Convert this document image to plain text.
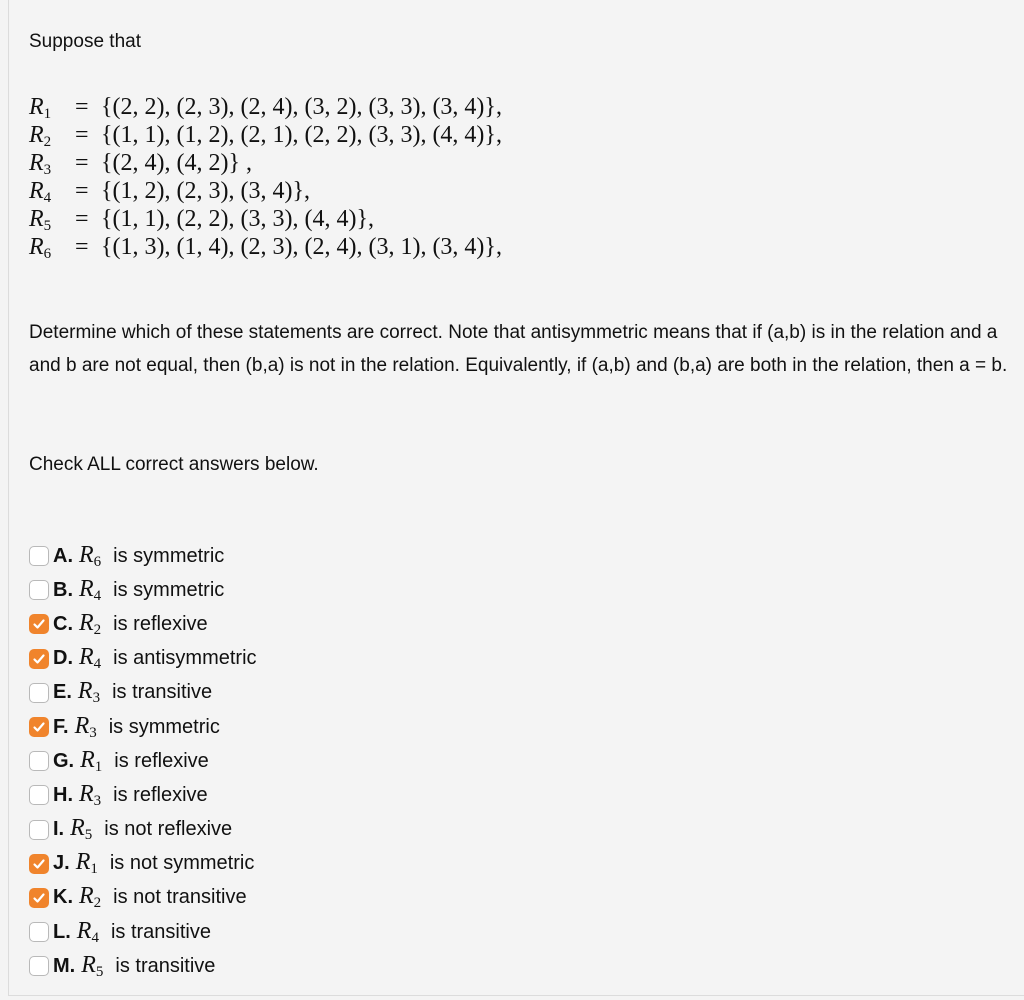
Suppose that
$R_1 = \{(2$, 2), (2, 3), (2, 4), (3, 2), (3, 3), (3, 4)},
$R_2 = \{(1$, 1), (1, 2), (2, 1), (2, 2), (3, 3), (4, 4)},
$R_3 = \{(2$, 4), (4, 2)} ,
$R_4 = \{(1$, 2), (2, 3), (3, 4)},
$R_5 = \{(1$, 1), (2, 2), (3, 3), (4, 4)},
$R_6 = \{(1$, 3), (1, 4), (2, 3), (2, 4), (3, 1), (3, 4)},
Determine which of these statements are correct. Note that antisymmetric means that if (a,b) is in the relation and a and b are not equal, then (b,a) is not in the relation. Equivalently, if (a,b) and (b,a) are both in the relation, then a = b.
Check ALL correct answers below.
A. $R_6$ is symmetric
B. $R_4$ is symmetric
C. $R_2$ is reflexive
D. $R_4$ is antisymmetric
E. $R_3$ is transitive
F. $R_3$ is symmetric
G. $R_1$ is reflexive
H. $R_3$ is reflexive
I. $R_5$ is not reflexive
J. $R_1$ is not symmetric
K. $R_2$ is not transitive
L. $R_4$ is transitive
M. $R_5$ is transitive
